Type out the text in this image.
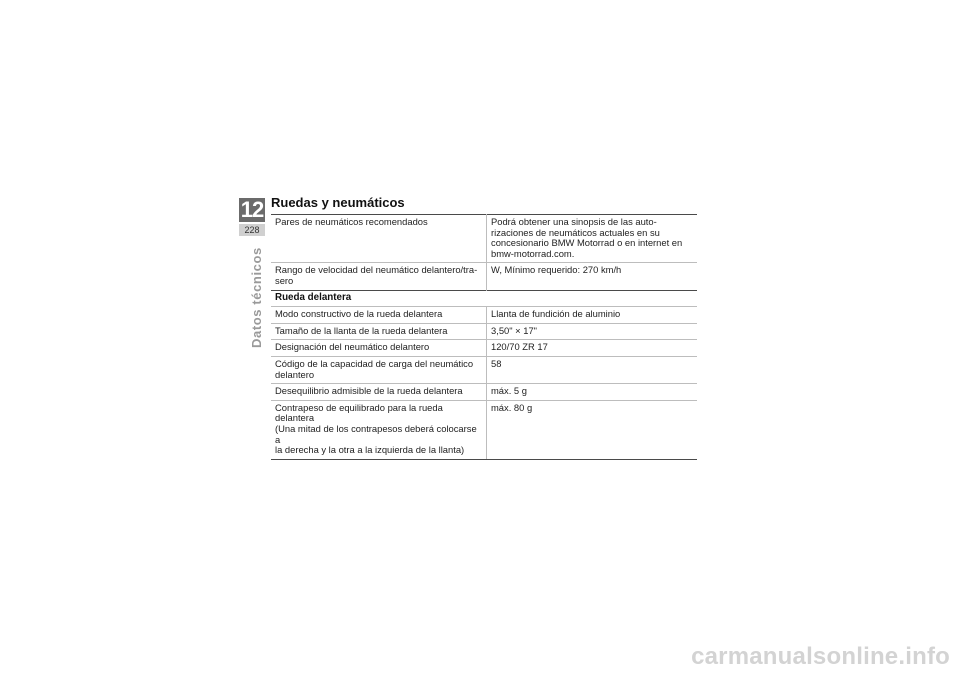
12
228
Datos técnicos
Ruedas y neumáticos
Pares de neumáticos recomendados	Podrá obtener una sinopsis de las auto-
rizaciones de neumáticos actuales en su
concesionario BMW Motorrad o en internet en
bmw-motorrad.com.
Rango de velocidad del neumático delantero/tra-
sero	W, Mínimo requerido: 270 km/h
Rueda delantera	
Modo constructivo de la rueda delantera	Llanta de fundición de aluminio
Tamaño de la llanta de la rueda delantera	3,50" × 17"
Designación del neumático delantero	120/70 ZR 17
Código de la capacidad de carga del neumático
delantero	58
Desequilibrio admisible de la rueda delantera	máx. 5 g
Contrapeso de equilibrado para la rueda delantera
(Una mitad de los contrapesos deberá colocarse a
la derecha y la otra a la izquierda de la llanta)	máx. 80 g
carmanualsonline.info
